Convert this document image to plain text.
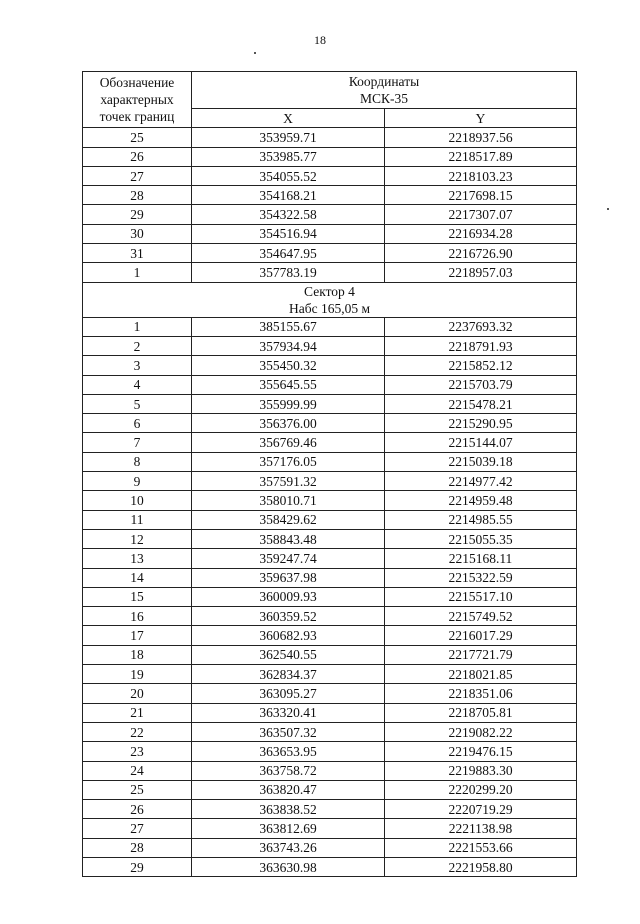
18
Обозначение
характерных
точек границ	Координаты
МСК-35	

	X	Y
25	353959.71	2218937.56
26	353985.77	2218517.89
27	354055.52	2218103.23
28	354168.21	2217698.15
29	354322.58	2217307.07
30	354516.94	2216934.28
31	354647.95	2216726.90
1	357783.19	2218957.03

Сектор 4
Набс 165,05 м		

1	385155.67	2237693.32
2	357934.94	2218791.93
3	355450.32	2215852.12
4	355645.55	2215703.79
5	355999.99	2215478.21
6	356376.00	2215290.95
7	356769.46	2215144.07
8	357176.05	2215039.18
9	357591.32	2214977.42
10	358010.71	2214959.48
11	358429.62	2214985.55
12	358843.48	2215055.35
13	359247.74	2215168.11
14	359637.98	2215322.59
15	360009.93	2215517.10
16	360359.52	2215749.52
17	360682.93	2216017.29
18	362540.55	2217721.79
19	362834.37	2218021.85
20	363095.27	2218351.06
21	363320.41	2218705.81
22	363507.32	2219082.22
23	363653.95	2219476.15
24	363758.72	2219883.30
25	363820.47	2220299.20
26	363838.52	2220719.29
27	363812.69	2221138.98
28	363743.26	2221553.66
29	363630.98	2221958.80
